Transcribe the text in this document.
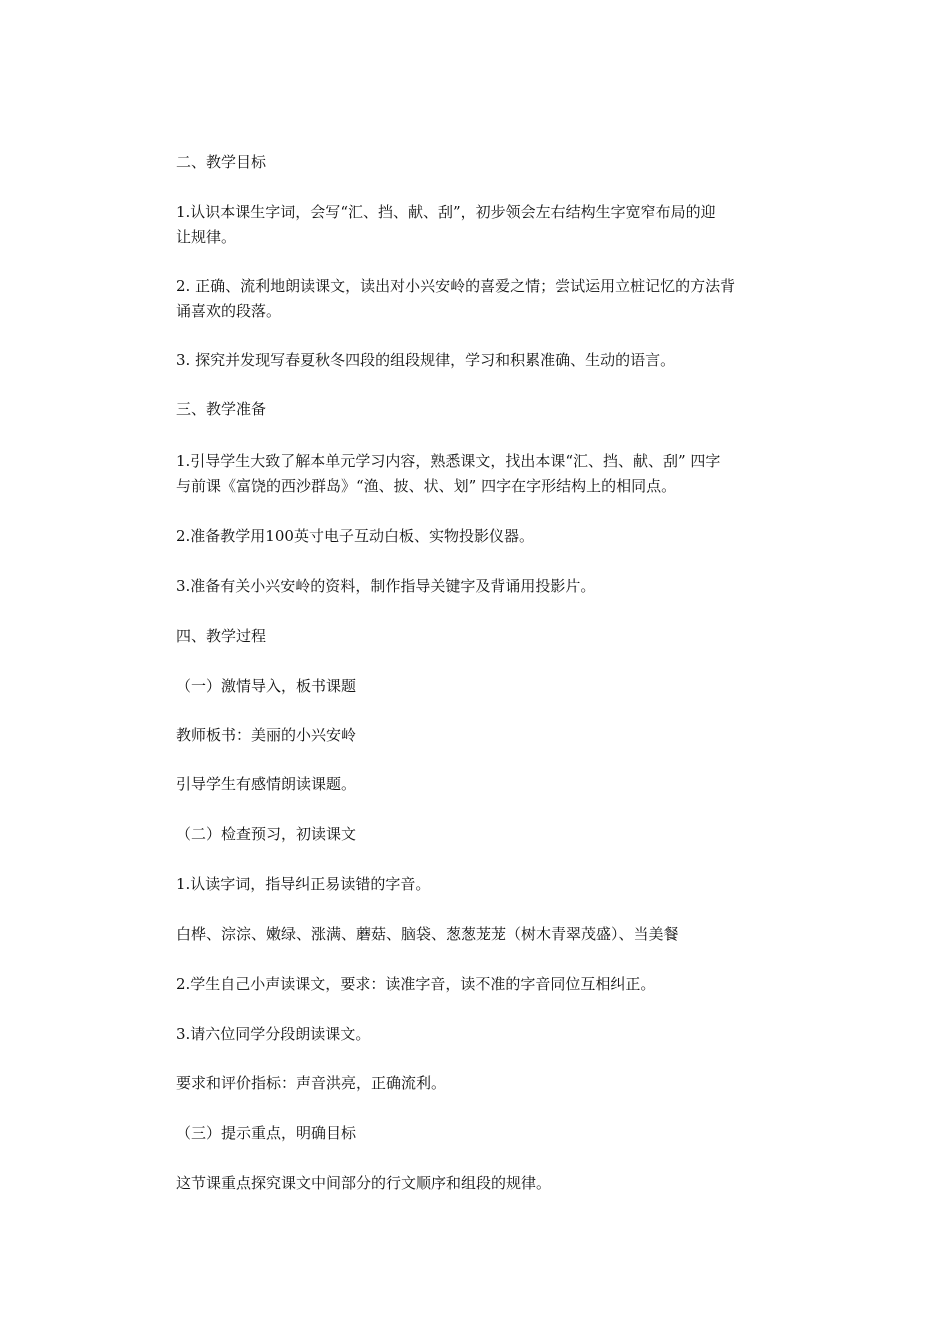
二、教学目标
1.认识本课生字词，会写“汇、挡、献、刮”，初步领会左右结构生字宽窄布局的迎
让规律。
2. 正确、流利地朗读课文，读出对小兴安岭的喜爱之情；尝试运用立桩记忆的方法背
诵喜欢的段落。
3. 探究并发现写春夏秋冬四段的组段规律，学习和积累准确、生动的语言。
三、教学准备
1.引导学生大致了解本单元学习内容，熟悉课文，找出本课“汇、挡、献、刮” 四字
与前课《富饶的西沙群岛》“渔、披、状、划” 四字在字形结构上的相同点。
2.准备教学用100英寸电子互动白板、实物投影仪器。
3.准备有关小兴安岭的资料，制作指导关键字及背诵用投影片。
四、教学过程
（一）激情导入，板书课题
教师板书：美丽的小兴安岭
引导学生有感情朗读课题。
（二）检查预习，初读课文
1.认读字词，指导纠正易读错的字音。
白桦、淙淙、嫩绿、涨满、蘑菇、脑袋、葱葱茏茏（树木青翠茂盛）、当美餐
2.学生自己小声读课文，要求：读准字音，读不准的字音同位互相纠正。
3.请六位同学分段朗读课文。
要求和评价指标：声音洪亮，正确流利。
（三）提示重点，明确目标
这节课重点探究课文中间部分的行文顺序和组段的规律。
